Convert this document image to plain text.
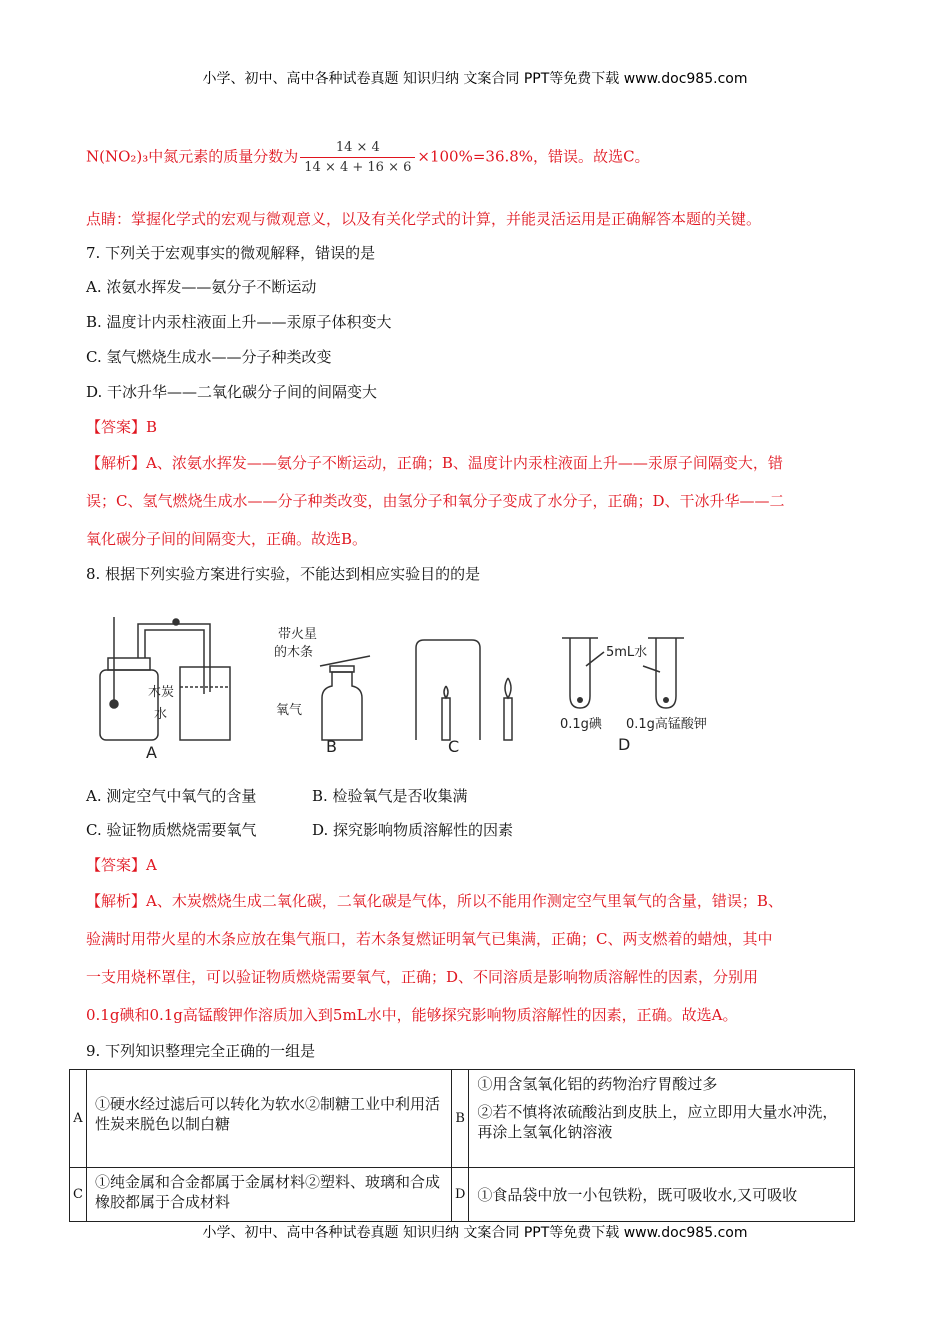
小学、初中、高中各种试卷真题 知识归纳 文案合同 PPT等免费下载 www.doc985.com
N(NO₂)₃中氮元素的质量分数为 $\frac{14 \times 4}{14 \times 4 + 16 \times 6} \times 100\%=36.8\%$，错误。故选C。
点睛：掌握化学式的宏观与微观意义，以及有关化学式的计算，并能灵活运用是正确解答本题的关键。
7. 下列关于宏观事实的微观解释，错误的是
A. 浓氨水挥发——氨分子不断运动
B. 温度计内汞柱液面上升——汞原子体积变大
C. 氢气燃烧生成水——分子种类改变
D. 干冰升华——二氧化碳分子间的间隔变大
【答案】B
【解析】A、浓氨水挥发——氨分子不断运动，正确；B、温度计内汞柱液面上升——汞原子间隔变大，错
误；C、氢气燃烧生成水——分子种类改变，由氢分子和氧分子变成了水分子，正确；D、干冰升华——二
氧化碳分子间的间隔变大，正确。故选B。
8. 根据下列实验方案进行实验，不能达到相应实验目的的是
木炭
水
带火星
的木条
氧气
5mL水
0.1g碘 0.1g高锰酸钾
A	B	C	D
A. 测定空气中氧气的含量	B. 检验氧气是否收集满
C. 验证物质燃烧需要氧气	D. 探究影响物质溶解性的因素
【答案】A
【解析】A、木炭燃烧生成二氧化碳，二氧化碳是气体，所以不能用作测定空气里氧气的含量，错误；B、
验满时用带火星的木条应放在集气瓶口，若木条复燃证明氧气已集满，正确；C、两支燃着的蜡烛，其中
一支用烧杯罩住，可以验证物质燃烧需要氧气，正确；D、不同溶质是影响物质溶解性的因素，分别用
0.1g碘和0.1g高锰酸钾作溶质加入到5mL水中，能够探究影响物质溶解性的因素，正确。故选A。
9. 下列知识整理完全正确的一组是
A	①硬水经过滤后可以转化为软水②制糖工业中利用活性炭来脱色以制白糖	B	①用含氢氧化铝的药物治疗胃酸过多
②若不慎将浓硫酸沾到皮肤上，应立即用大量水冲洗，再涂上氢氧化钠溶液

C	①纯金属和合金都属于金属材料②塑料、玻璃和合成橡胶都属于合成材料	D	①食品袋中放一小包铁粉，既可吸收水,又可吸收
小学、初中、高中各种试卷真题 知识归纳 文案合同 PPT等免费下载 www.doc985.com
